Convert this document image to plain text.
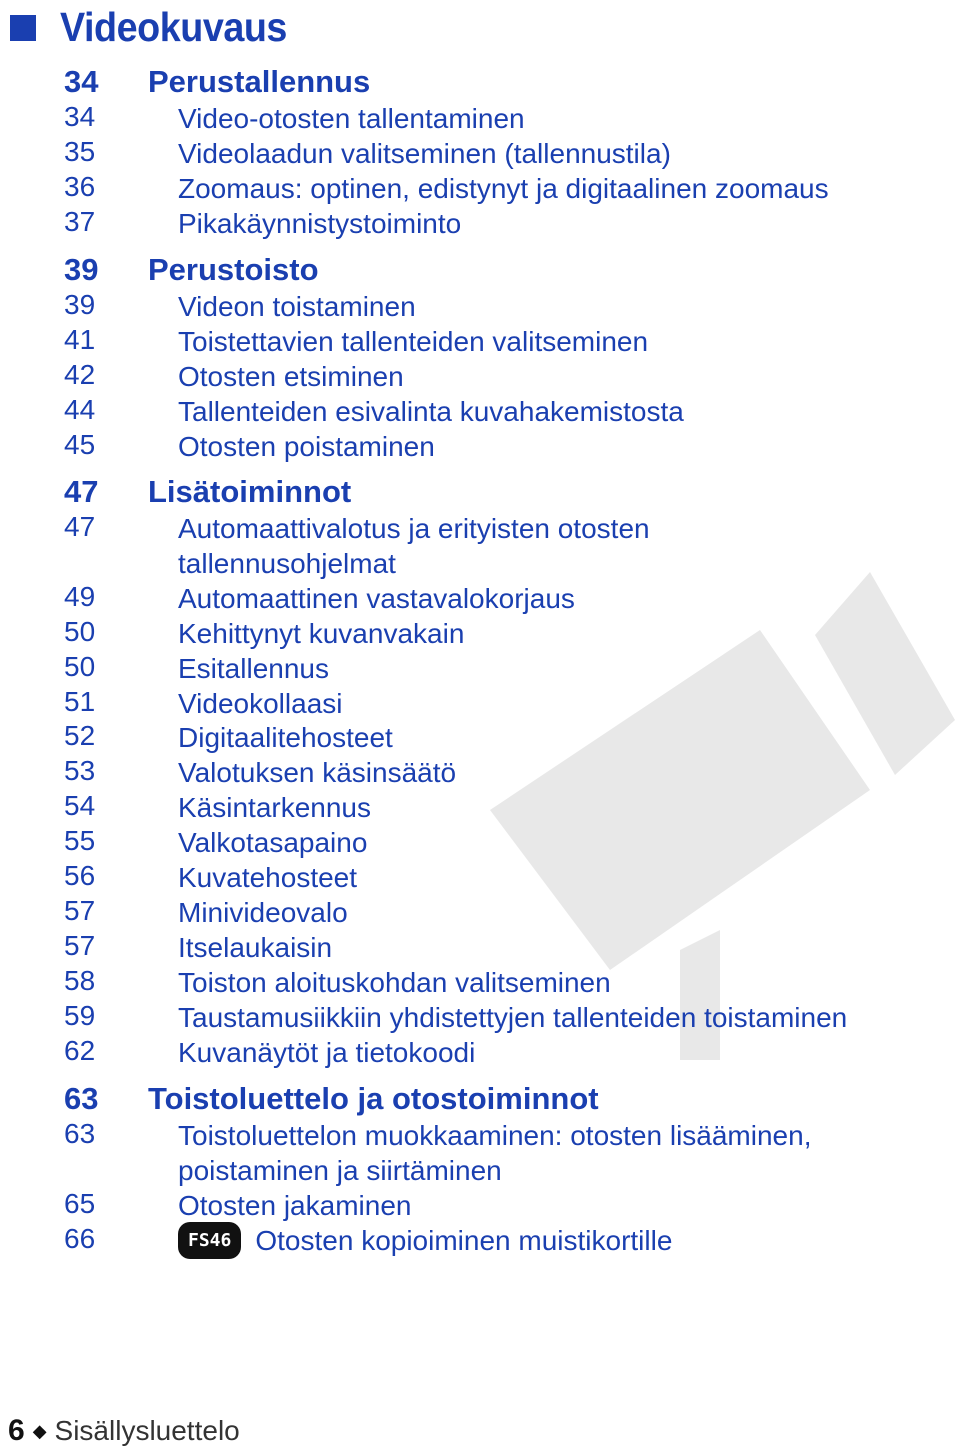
Videokuvaus
34 Perustallennus
34	Video-otosten tallentaminen
35	Videolaadun valitseminen (tallennustila)
36	Zoomaus: optinen, edistynyt ja digitaalinen zoomaus
37	Pikakäynnistystoiminto
39 Perustoisto
39	Videon toistaminen
41	Toistettavien tallenteiden valitseminen
42	Otosten etsiminen
44	Tallenteiden esivalinta kuvahakemistosta
45	Otosten poistaminen
47 Lisätoiminnot
47	Automaattivalotus ja erityisten otosten
tallennusohjelmat
49	Automaattinen vastavalokorjaus
50	Kehittynyt kuvanvakain
50	Esitallennus
51	Videokollaasi
52	Digitaalitehosteet
53	Valotuksen käsinsäätö
54	Käsintarkennus
55	Valkotasapaino
56	Kuvatehosteet
57	Minivideovalo
57	Itselaukaisin
58	Toiston aloituskohdan valitseminen
59	Taustamusiikkiin yhdistettyjen tallenteiden toistaminen
62	Kuvanäytöt ja tietokoodi
63 Toistoluettelo ja otostoiminnot
63	Toistoluettelon muokkaaminen: otosten lisääminen,
poistaminen ja siirtäminen
65	Otosten jakaminen
66	FS46 Otosten kopioiminen muistikortille
6 ◆ Sisällysluettelo
